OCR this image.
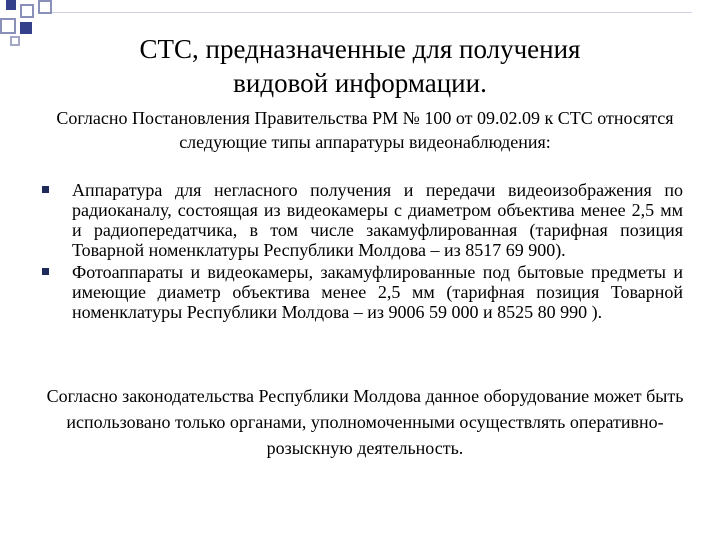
СТС, предназначенные для получения видовой информации.

Согласно Постановления Правительства РМ № 100 от 09.02.09 к СТС относятся следующие типы аппаратуры видеонаблюдения:

Аппаратура для негласного получения и передачи видеоизображения по радиоканалу, состоящая из видеокамеры с диаметром объектива менее 2,5 мм и радиопередатчика, в том числе закамуфлированная (тарифная позиция Товарной номенклатуры Республики Молдова – из 8517 69 900).
Фотоаппараты и видеокамеры, закамуфлированные под бытовые предметы и имеющие диаметр объектива менее 2,5 мм (тарифная позиция Товарной номенклатуры Республики Молдова – из 9006 59 000 и 8525 80 990 ).

Согласно законодательства Республики Молдова данное оборудование может быть использовано только органами, уполномоченными осуществлять оперативно-розыскную деятельность.
